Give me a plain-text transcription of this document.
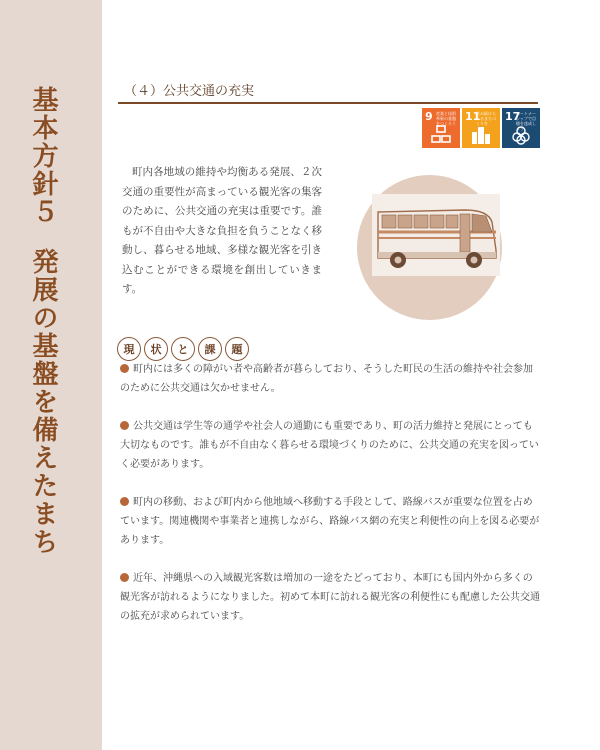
基本方針５発展の基盤を備えたまち
（４）公共交通の充実
9 産業と技術革新の基盤をつくろう
11
住み続けられるまちづくりを
17
パートナーシップで目標を達成しよう

町内各地域の維持や均衡ある発展、２次交通の重要性が高まっている観光客の集客のために、公共交通の充実は重要です。誰もが不自由や大きな負担を負うことなく移動し、暮らせる地域、多様な観光客を引き込むことができる環境を創出していきます。

現	状	と	課	題

町内には多くの障がい者や高齢者が暮らしており、そうした町民の生活の維持や社会参加のために公共交通は欠かせません。

公共交通は学生等の通学や社会人の通勤にも重要であり、町の活力維持と発展にとっても大切なものです。誰もが不自由なく暮らせる環境づくりのために、公共交通の充実を図っていく必要があります。

町内の移動、および町内から他地域へ移動する手段として、路線バスが重要な位置を占めています。関連機関や事業者と連携しながら、路線バス網の充実と利便性の向上を図る必要があります。

近年、沖縄県への入域観光客数は増加の一途をたどっており、本町にも国内外から多くの観光客が訪れるようになりました。初めて本町に訪れる観光客の利便性にも配慮した公共交通の拡充が求められています。
